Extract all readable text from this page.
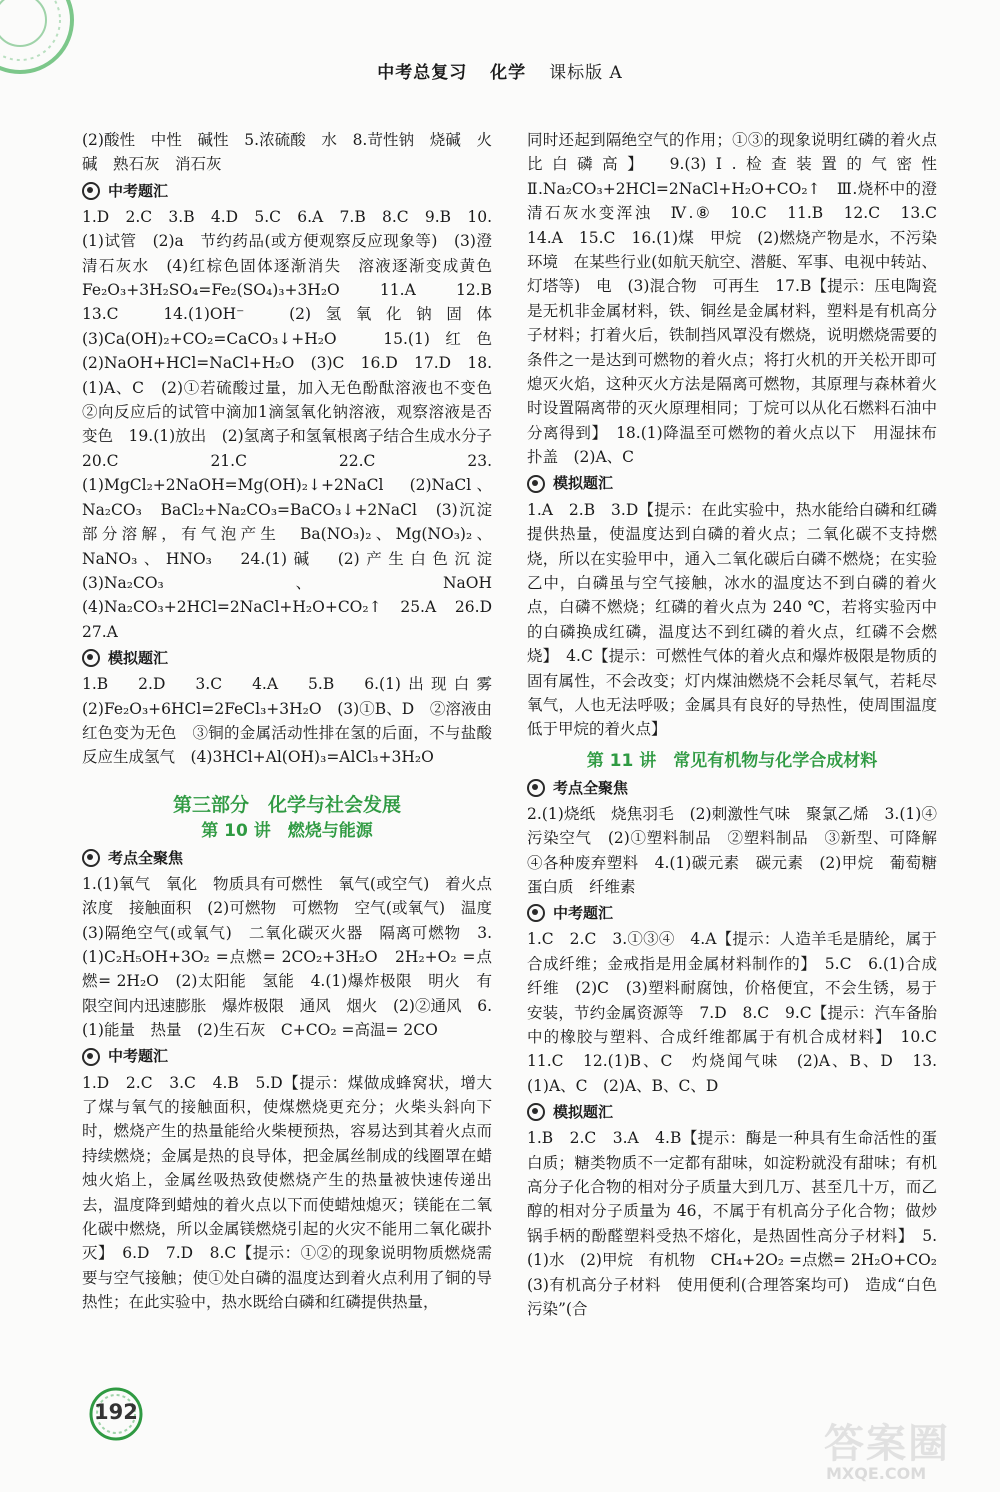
中考总复习 化学 课标版 A

(2)酸性　中性　碱性　5.浓硫酸　水　8.苛性钠　烧碱　火碱　熟石灰　消石灰

中考题汇

1.D　2.C　3.B　4.D　5.C　6.A　7.B　8.C　9.B　10.(1)试管　(2)a　节约药品(或方便观察反应现象等)　(3)澄清石灰水　(4)红棕色固体逐渐消失　溶液逐渐变成黄色　Fe₂O₃+3H₂SO₄=Fe₂(SO₄)₃+3H₂O　11.A　12.B　13.C　14.(1)OH⁻　(2)氢氧化钠固体　(3)Ca(OH)₂+CO₂=CaCO₃↓+H₂O　15.(1)红色　(2)NaOH+HCl=NaCl+H₂O　(3)C　16.D　17.D　18.(1)A、C　(2)①若硫酸过量，加入无色酚酞溶液也不变色　②向反应后的试管中滴加1滴氢氧化钠溶液，观察溶液是否变色　19.(1)放出　(2)氢离子和氢氧根离子结合生成水分子　20.C　21.C　22.C　23.(1)MgCl₂+2NaOH=Mg(OH)₂↓+2NaCl　(2)NaCl、Na₂CO₃　BaCl₂+Na₂CO₃=BaCO₃↓+2NaCl　(3)沉淀部分溶解，有气泡产生　Ba(NO₃)₂、Mg(NO₃)₂、NaNO₃、HNO₃　24.(1)碱　(2)产生白色沉淀　(3)Na₂CO₃、NaOH　(4)Na₂CO₃+2HCl=2NaCl+H₂O+CO₂↑　25.A　26.D　27.A

模拟题汇

1.B　2.D　3.C　4.A　5.B　6.(1)出现白雾　(2)Fe₂O₃+6HCl=2FeCl₃+3H₂O　(3)①B、D　②溶液由红色变为无色　③铜的金属活动性排在氢的后面，不与盐酸反应生成氢气　(4)3HCl+Al(OH)₃=AlCl₃+3H₂O

第三部分　化学与社会发展
第 10 讲　燃烧与能源
考点全聚焦

1.(1)氧气　氧化　物质具有可燃性　氧气(或空气)　着火点　浓度　接触面积　(2)可燃物　可燃物　空气(或氧气)　温度　(3)隔绝空气(或氧气)　二氧化碳灭火器　隔离可燃物　3.(1)C₂H₅OH+3O₂ =点燃= 2CO₂+3H₂O　2H₂+O₂ =点燃= 2H₂O　(2)太阳能　氢能　4.(1)爆炸极限　明火　有限空间内迅速膨胀　爆炸极限　通风　烟火　(2)②通风　6.(1)能量　热量　(2)生石灰　C+CO₂ =高温= 2CO

中考题汇

1.D　2.C　3.C　4.B　5.D【提示：煤做成蜂窝状，增大了煤与氧气的接触面积，使煤燃烧更充分；火柴头斜向下时，燃烧产生的热量能给火柴梗预热，容易达到其着火点而持续燃烧；金属是热的良导体，把金属丝制成的线圈罩在蜡烛火焰上，金属丝吸热致使燃烧产生的热量被快速传递出去，温度降到蜡烛的着火点以下而使蜡烛熄灭；镁能在二氧化碳中燃烧，所以金属镁燃烧引起的火灾不能用二氧化碳扑灭】　6.D　7.D　8.C【提示：①②的现象说明物质燃烧需要与空气接触；使①处白磷的温度达到着火点利用了铜的导热性；在此实验中，热水既给白磷和红磷提供热量，

同时还起到隔绝空气的作用；①③的现象说明红磷的着火点比白磷高】　9.(3)Ⅰ.检查装置的气密性　Ⅱ.Na₂CO₃+2HCl=2NaCl+H₂O+CO₂↑　Ⅲ.烧杯中的澄清石灰水变浑浊　Ⅳ.⑧　10.C　11.B　12.C　13.C　14.A　15.C　16.(1)煤　甲烷　(2)燃烧产物是水，不污染环境　在某些行业(如航天航空、潜艇、军事、电视中转站、灯塔等)　电　(3)混合物　可再生　17.B【提示：压电陶瓷是无机非金属材料，铁、铜丝是金属材料，塑料是有机高分子材料；打着火后，铁制挡风罩没有燃烧，说明燃烧需要的条件之一是达到可燃物的着火点；将打火机的开关松开即可熄灭火焰，这种灭火方法是隔离可燃物，其原理与森林着火时设置隔离带的灭火原理相同；丁烷可以从化石燃料石油中分离得到】　18.(1)降温至可燃物的着火点以下　用湿抹布扑盖　(2)A、C

模拟题汇

1.A　2.B　3.D【提示：在此实验中，热水能给白磷和红磷提供热量，使温度达到白磷的着火点；二氧化碳不支持燃烧，所以在实验甲中，通入二氧化碳后白磷不燃烧；在实验乙中，白磷虽与空气接触，冰水的温度达不到白磷的着火点，白磷不燃烧；红磷的着火点为 240 ℃，若将实验丙中的白磷换成红磷，温度达不到红磷的着火点，红磷不会燃烧】　4.C【提示：可燃性气体的着火点和爆炸极限是物质的固有属性，不会改变；灯内煤油燃烧不会耗尽氧气，若耗尽氧气，人也无法呼吸；金属具有良好的导热性，使周围温度低于甲烷的着火点】

第 11 讲　常见有机物与化学合成材料
考点全聚焦

2.(1)烧纸　烧焦羽毛　(2)刺激性气味　聚氯乙烯　3.(1)④污染空气　(2)①塑料制品　②塑料制品　③新型、可降解　④各种废弃塑料　4.(1)碳元素　碳元素　(2)甲烷　葡萄糖　蛋白质　纤维素

中考题汇

1.C　2.C　3.①③④　4.A【提示：人造羊毛是腈纶，属于合成纤维；金戒指是用金属材料制作的】　5.C　6.(1)合成纤维　(2)C　(3)塑料耐腐蚀，价格便宜，不会生锈，易于安装，节约金属资源等　7.D　8.C　9.C【提示：汽车备胎中的橡胶与塑料、合成纤维都属于有机合成材料】　10.C　11.C　12.(1)B、C　灼烧闻气味　(2)A、B、D　13.(1)A、C　(2)A、B、C、D

模拟题汇

1.B　2.C　3.A　4.B【提示：酶是一种具有生命活性的蛋白质；糖类物质不一定都有甜味，如淀粉就没有甜味；有机高分子化合物的相对分子质量大到几万、甚至几十万，而乙醇的相对分子质量为 46，不属于有机高分子化合物；做炒锅手柄的酚醛塑料受热不熔化，是热固性高分子材料】　5.(1)水　(2)甲烷　有机物　CH₄+2O₂ =点燃= 2H₂O+CO₂　(3)有机高分子材料　使用便利(合理答案均可)　造成“白色污染”(合

192
答案圈
MXQE.COM
